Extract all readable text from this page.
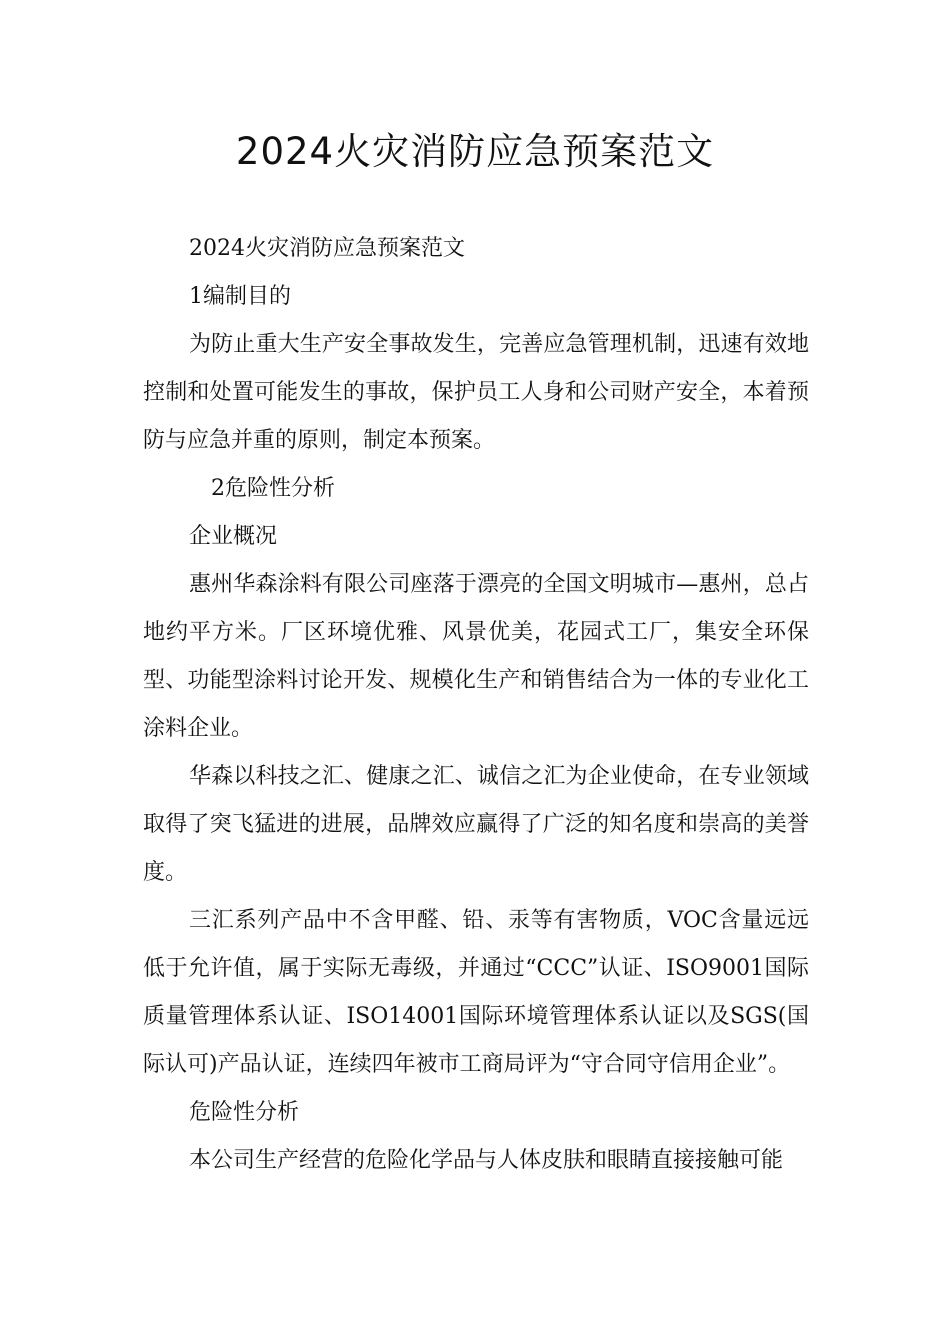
2024火灾消防应急预案范文

2024火灾消防应急预案范文

1编制目的

为防止重大生产安全事故发生，完善应急管理机制，迅速有效地控制和处置可能发生的事故，保护员工人身和公司财产安全，本着预防与应急并重的原则，制定本预案。

2危险性分析

企业概况

惠州华森涂料有限公司座落于漂亮的全国文明城市—惠州，总占地约平方米。厂区环境优雅、风景优美，花园式工厂，集安全环保型、功能型涂料讨论开发、规模化生产和销售结合为一体的专业化工涂料企业。

华森以科技之汇、健康之汇、诚信之汇为企业使命，在专业领域取得了突飞猛进的进展，品牌效应赢得了广泛的知名度和崇高的美誉度。

三汇系列产品中不含甲醛、铅、汞等有害物质，VOC含量远远低于允许值，属于实际无毒级，并通过“CCC”认证、ISO9001国际质量管理体系认证、ISO14001国际环境管理体系认证以及SGS(国际认可)产品认证，连续四年被市工商局评为“守合同守信用企业”。

危险性分析

本公司生产经营的危险化学品与人体皮肤和眼睛直接接触可能
